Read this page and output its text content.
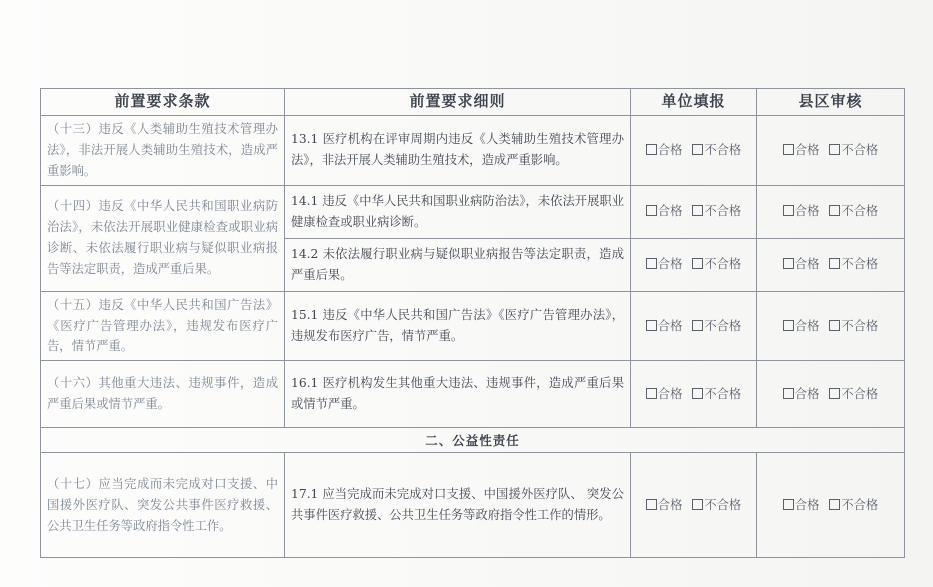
前置要求条款	前置要求细则	单位填报	县区审核
（十三）违反《人类辅助生殖技术管理办法》，非法开展人类辅助生殖技术，造成严重影响。	13.1 医疗机构在评审周期内违反《人类辅助生殖技术管理办法》，非法开展人类辅助生殖技术，造成严重影响。	合格 不合格	合格 不合格
（十四）违反《中华人民共和国职业病防治法》，未依法开展职业健康检查或职业病诊断、未依法履行职业病与疑似职业病报告等法定职责，造成严重后果。	14.1 违反《中华人民共和国职业病防治法》，未依法开展职业健康检查或职业病诊断。	合格 不合格	合格 不合格
	14.2 未依法履行职业病与疑似职业病报告等法定职责，造成严重后果。	合格 不合格	合格 不合格
（十五）违反《中华人民共和国广告法》《医疗广告管理办法》，违规发布医疗广告，情节严重。	15.1 违反《中华人民共和国广告法》《医疗广告管理办法》，违规发布医疗广告，情节严重。	合格 不合格	合格 不合格
（十六）其他重大违法、违规事件，造成严重后果或情节严重。	16.1 医疗机构发生其他重大违法、违规事件，造成严重后果或情节严重。	合格 不合格	合格 不合格
二、公益性责任			
（十七）应当完成而未完成对口支援、中国援外医疗队、突发公共事件医疗救援、公共卫生任务等政府指令性工作。	17.1 应当完成而未完成对口支援、中国援外医疗队、 突发公共事件医疗救援、公共卫生任务等政府指令性工作的情形。	合格 不合格	合格 不合格
